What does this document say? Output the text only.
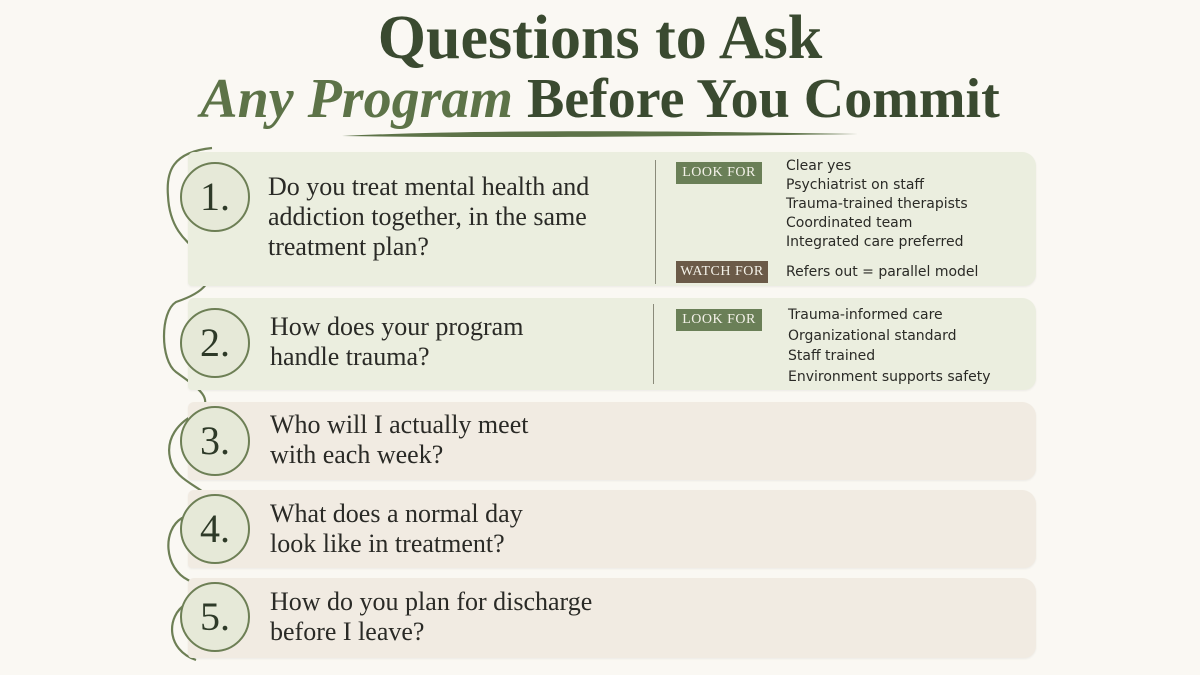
Questions to Ask
Any Program Before You Commit
1.	Do you treat mental health and
addiction together, in the same
treatment plan?

LOOK FOR	Clear yes
Psychiatrist on staff
Trauma-trained therapists
Coordinated team
Integrated care preferred
WATCH FOR	Refers out = parallel model
2.	How does your program
handle trauma?

LOOK FOR	Trauma-informed care
Organizational standard
Staff trained
Environment supports safety
3.	Who will I actually meet
with each week?

4.	What does a normal day
look like in treatment?

5.	How do you plan for discharge
before I leave?
